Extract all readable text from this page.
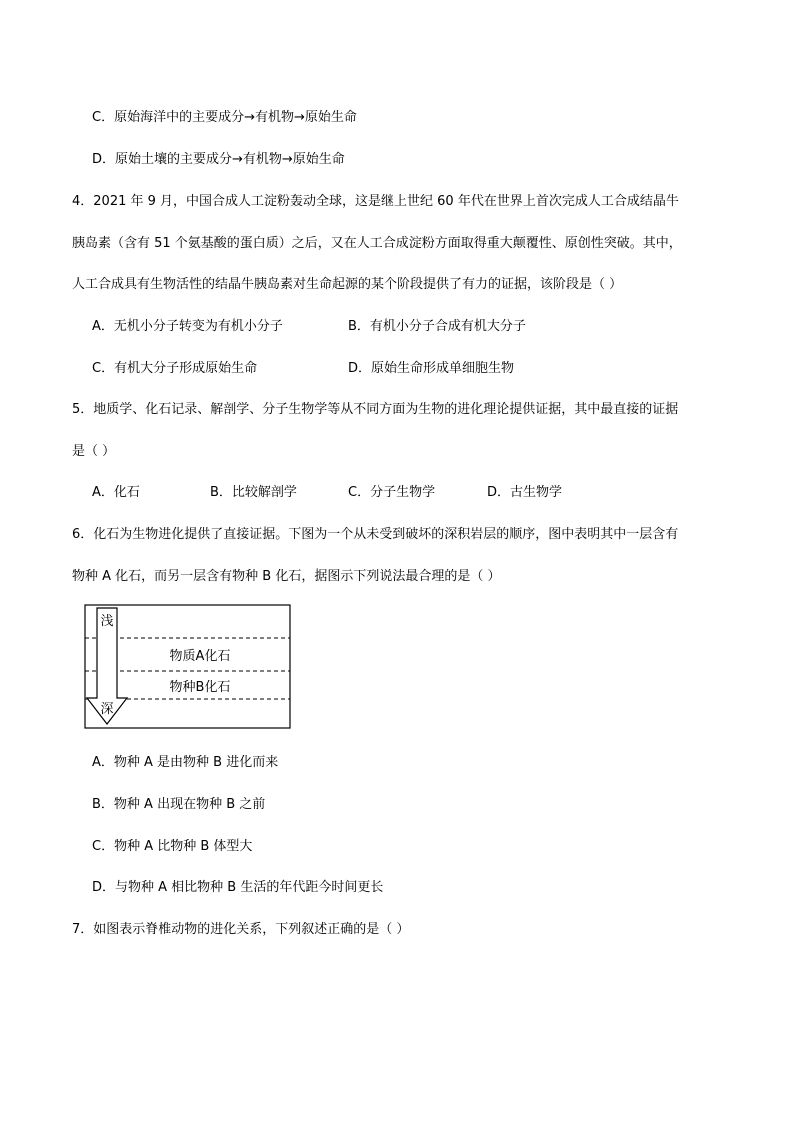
C．原始海洋中的主要成分→有机物→原始生命
D．原始土壤的主要成分→有机物→原始生命
4．2021 年 9 月，中国合成人工淀粉轰动全球，这是继上世纪 60 年代在世界上首次完成人工合成结晶牛
胰岛素（含有 51 个氨基酸的蛋白质）之后，又在人工合成淀粉方面取得重大颠覆性、原创性突破。其中，
人工合成具有生物活性的结晶牛胰岛素对生命起源的某个阶段提供了有力的证据，该阶段是（ ）
A．无机小分子转变为有机小分子	B．有机小分子合成有机大分子
C．有机大分子形成原始生命	D．原始生命形成单细胞生物
5．地质学、化石记录、解剖学、分子生物学等从不同方面为生物的进化理论提供证据，其中最直接的证据
是（ ）
A．化石	B．比较解剖学	C．分子生物学	D．古生物学
6．化石为生物进化提供了直接证据。下图为一个从未受到破坏的深积岩层的顺序，图中表明其中一层含有
物种 A 化石，而另一层含有物种 B 化石，据图示下列说法最合理的是（ ）
浅
深
物质A化石
物种B化石
A．物种 A 是由物种 B 进化而来
B．物种 A 出现在物种 B 之前
C．物种 A 比物种 B 体型大
D．与物种 A 相比物种 B 生活的年代距今时间更长
7．如图表示脊椎动物的进化关系，下列叙述正确的是（ ）
